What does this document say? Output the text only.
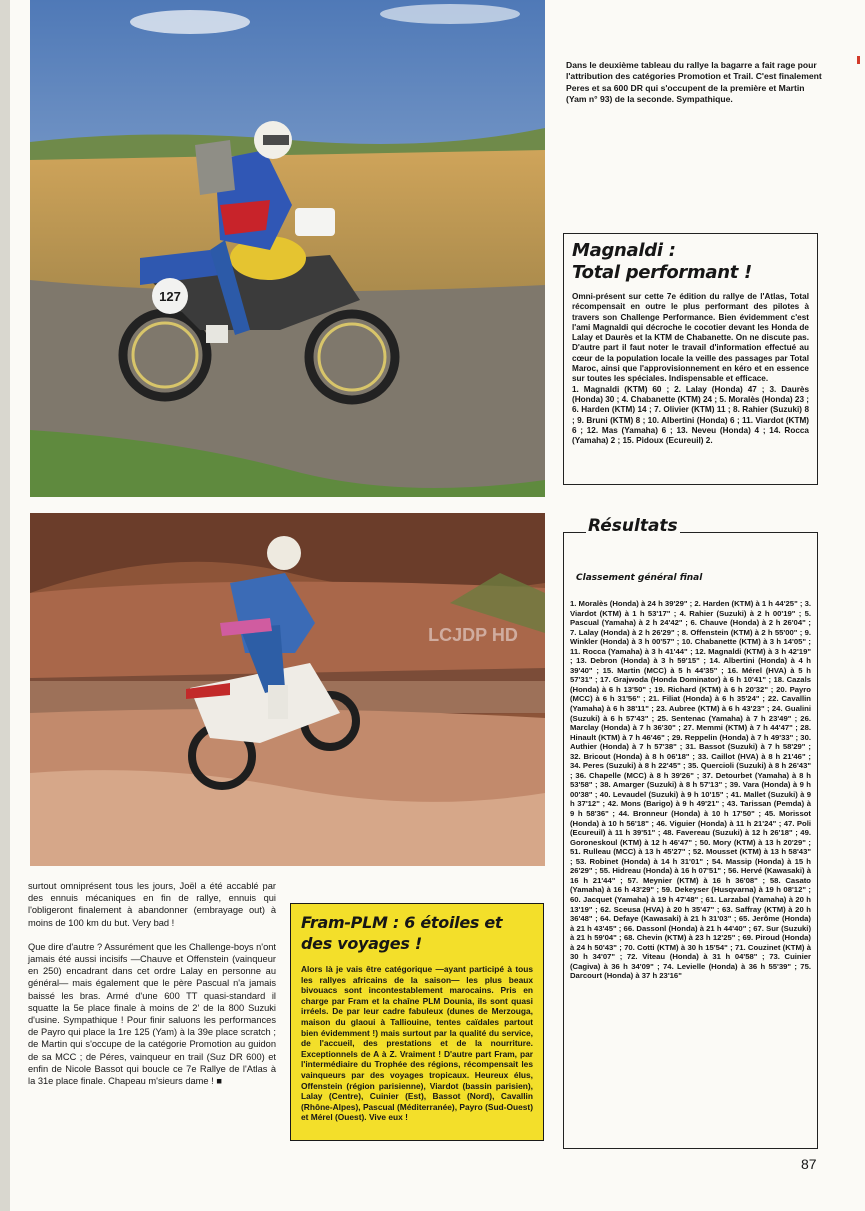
127
LCJDP HD

Dans le deuxième tableau du rallye la bagarre a fait rage pour l'attribution des catégories Promotion et Trail. C'est finalement Peres et sa 600 DR qui s'occupent de la première et Martin (Yam n° 93) de la seconde. Sympathique.

Magnaldi :
Total performant !

Omni-présent sur cette 7e édition du rallye de l'Atlas, Total récompensait en outre le plus performant des pilotes à travers son Challenge Performance. Bien évidemment c'est l'ami Magnaldi qui décroche le cocotier devant les Honda de Lalay et Daurès et la KTM de Chabanette. On ne discute pas. D'autre part il faut noter le travail d'information effectué au cœur de la population locale la veille des passages par Total Maroc, ainsi que l'approvisionnement en kéro et en essence sur toutes les spéciales. Indispensable et efficace.

1. Magnaldi (KTM) 60 ; 2. Lalay (Honda) 47 ; 3. Daurès (Honda) 30 ; 4. Chabanette (KTM) 24 ; 5. Moralès (Honda) 23 ; 6. Harden (KTM) 14 ; 7. Olivier (KTM) 11 ; 8. Rahier (Suzuki) 8 ; 9. Bruni (KTM) 8 ; 10. Albertini (Honda) 6 ; 11. Viardot (KTM) 6 ; 12. Mas (Yamaha) 6 ; 13. Neveu (Honda) 4 ; 14. Rocca (Yamaha) 2 ; 15. Pidoux (Ecureuil) 2.

Résultats
Classement général final

1. Moralès (Honda) à 24 h 39'29" ; 2. Harden (KTM) à 1 h 44'25" ; 3. Viardot (KTM) à 1 h 53'17" ; 4. Rahier (Suzuki) à 2 h 00'19" ; 5. Pascual (Yamaha) à 2 h 24'42" ; 6. Chauve (Honda) à 2 h 26'04" ; 7. Lalay (Honda) à 2 h 26'29" ; 8. Offenstein (KTM) à 2 h 55'00" ; 9. Winkler (Honda) à 3 h 00'57" ; 10. Chabanette (KTM) à 3 h 14'05" ; 11. Rocca (Yamaha) à 3 h 41'44" ; 12. Magnaldi (KTM) à 3 h 42'19" ; 13. Debron (Honda) à 3 h 59'15" ; 14. Albertini (Honda) à 4 h 39'40" ; 15. Martin (MCC) à 5 h 44'35" ; 16. Mérel (HVA) à 5 h 57'31" ; 17. Grajwoda (Honda Dominator) à 6 h 10'41" ; 18. Cazals (Honda) à 6 h 13'50" ; 19. Richard (KTM) à 6 h 20'32" ; 20. Payro (MCC) à 6 h 31'56" ; 21. Filiat (Honda) à 6 h 35'24" ; 22. Cavallin (Yamaha) à 6 h 38'11" ; 23. Aubree (KTM) à 6 h 43'23" ; 24. Gualini (Suzuki) à 6 h 57'43" ; 25. Sentenac (Yamaha) à 7 h 23'49" ; 26. Marclay (Honda) à 7 h 36'30" ; 27. Memmi (KTM) à 7 h 44'47" ; 28. Hinault (KTM) à 7 h 46'46" ; 29. Reppelin (Honda) à 7 h 49'33" ; 30. Authier (Honda) à 7 h 57'38" ; 31. Bassot (Suzuki) à 7 h 58'29" ; 32. Bricout (Honda) à 8 h 06'18" ; 33. Caillot (HVA) à 8 h 21'46" ; 34. Peres (Suzuki) à 8 h 22'45" ; 35. Quercioli (Suzuki) à 8 h 26'43" ; 36. Chapelle (MCC) à 8 h 39'26" ; 37. Detourbet (Yamaha) à 8 h 53'58" ; 38. Amarger (Suzuki) à 8 h 57'13" ; 39. Vara (Honda) à 9 h 00'38" ; 40. Levaudel (Suzuki) à 9 h 10'15" ; 41. Mallet (Suzuki) à 9 h 37'12" ; 42. Mons (Barigo) à 9 h 49'21" ; 43. Tarissan (Pemda) à 9 h 58'36" ; 44. Bronneur (Honda) à 10 h 17'50" ; 45. Morissot (Honda) à 10 h 56'18" ; 46. Viguier (Honda) à 11 h 21'24" ; 47. Poli (Ecureuil) à 11 h 39'51" ; 48. Favereau (Suzuki) à 12 h 26'18" ; 49. Goroneskoul (KTM) à 12 h 46'47" ; 50. Mory (KTM) à 13 h 20'29" ; 51. Rulleau (MCC) à 13 h 45'27" ; 52. Mousset (KTM) à 13 h 58'43" ; 53. Robinet (Honda) à 14 h 31'01" ; 54. Massip (Honda) à 15 h 26'29" ; 55. Hidreau (Honda) à 16 h 07'51" ; 56. Hervé (Kawasaki) à 16 h 21'44" ; 57. Meynier (KTM) à 16 h 36'08" ; 58. Casato (Yamaha) à 16 h 43'29" ; 59. Dekeyser (Husqvarna) à 19 h 08'12" ; 60. Jacquet (Yamaha) à 19 h 47'48" ; 61. Larzabal (Yamaha) à 20 h 13'19" ; 62. Sceusa (HVA) à 20 h 35'47" ; 63. Saffray (KTM) à 20 h 36'48" ; 64. Defaye (Kawasaki) à 21 h 31'03" ; 65. Jerôme (Honda) à 21 h 43'45" ; 66. Dassonl (Honda) à 21 h 44'40" ; 67. Sur (Suzuki) à 21 h 59'04" ; 68. Chevin (KTM) à 23 h 12'25" ; 69. Piroud (Honda) à 24 h 50'43" ; 70. Cotti (KTM) à 30 h 15'54" ; 71. Couzinet (KTM) à 30 h 34'07" ; 72. Viteau (Honda) à 31 h 04'58" ; 73. Cuinier (Cagiva) à 36 h 34'09" ; 74. Levielle (Honda) à 36 h 55'39" ; 75. Darcourt (Honda) à 37 h 23'16"

surtout omniprésent tous les jours, Joël a été accablé par des ennuis mécaniques en fin de rallye, ennuis qui l'obligeront finalement à abandonner (embrayage out) à moins de 100 km du but. Very bad !

Que dire d'autre ? Assurément que les Challenge-boys n'ont jamais été aussi incisifs —Chauve et Offenstein (vainqueur en 250) encadrant dans cet ordre Lalay en personne au général— mais également que le père Pascual n'a jamais baissé les bras. Armé d'une 600 TT quasi-standard il squatte la 5e place finale à moins de 2' de la 800 Suzuki d'usine. Sympathique ! Pour finir saluons les performances de Payro qui place la 1re 125 (Yam) à la 39e place scratch ; de Martin qui s'occupe de la catégorie Promotion au guidon de sa MCC ; de Péres, vainqueur en trail (Suz DR 600) et enfin de Nicole Bassot qui boucle ce 7e Rallye de l'Atlas à la 31e place finale. Chapeau m'sieurs dame ! ■

Fram-PLM : 6 étoiles et
des voyages !

Alors là je vais être catégorique —ayant participé à tous les rallyes africains de la saison— les plus beaux bivouacs sont incontestablement marocains. Pris en charge par Fram et la chaîne PLM Dounia, ils sont quasi irréels. De par leur cadre fabuleux (dunes de Merzouga, maison du glaoui à Talliouine, tentes caïdales partout bien évidemment !) mais surtout par la qualité du service, de l'accueil, des prestations et de la nourriture. Exceptionnels de A à Z. Vraiment ! D'autre part Fram, par l'intermédiaire du Trophée des régions, récompensait les vainqueurs par des voyages tropicaux. Heureux élus, Offenstein (région parisienne), Viardot (bassin parisien), Lalay (Centre), Cuinier (Est), Bassot (Nord), Cavallin (Rhône-Alpes), Pascual (Méditerranée), Payro (Sud-Ouest) et Mérel (Ouest). Vive eux !

87
